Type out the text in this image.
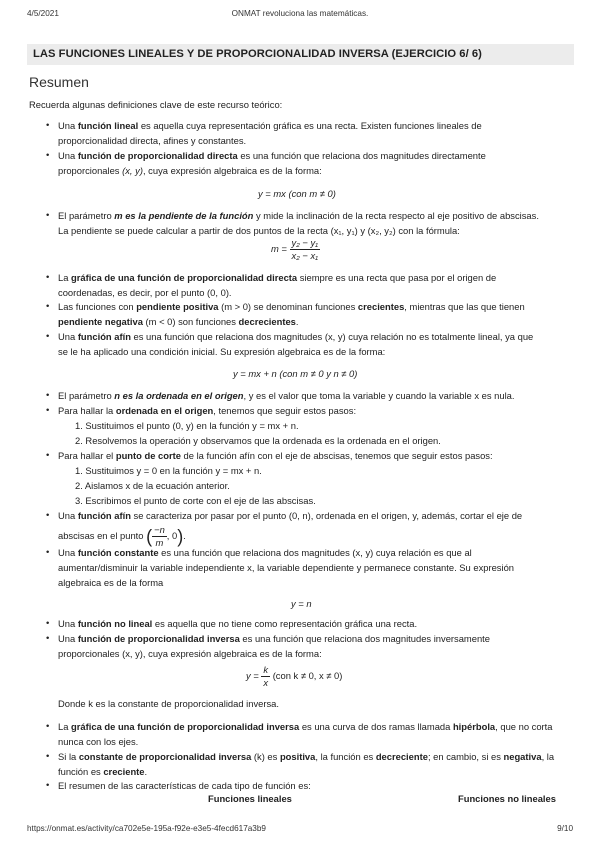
4/5/2021	ONMAT revoluciona las matemáticas.
LAS FUNCIONES LINEALES Y DE PROPORCIONALIDAD INVERSA (EJERCICIO 6/ 6)
Resumen
Recuerda algunas definiciones clave de este recurso teórico:
• Una función lineal es aquella cuya representación gráfica es una recta. Existen funciones lineales de
proporcionalidad directa, afines y constantes.
• Una función de proporcionalidad directa es una función que relaciona dos magnitudes directamente
proporcionales (x, y), cuya expresión algebraica es de la forma:
y = mx (con m ≠ 0)
• El parámetro m es la pendiente de la función y mide la inclinación de la recta respecto al eje positivo de abscisas.
La pendiente se puede calcular a partir de dos puntos de la recta (x₁, y₁) y (x₂, y₂) con la fórmula:
$m = \frac{\text{y₂ − y₁}}{\text{x₂ − x₁}}$
• La gráfica de una función de proporcionalidad directa siempre es una recta que pasa por el origen de
coordenadas, es decir, por el punto (0, 0).
• Las funciones con pendiente positiva (m > 0) se denominan funciones crecientes, mientras que las que tienen
pendiente negativa (m < 0) son funciones decrecientes.
• Una función afín es una función que relaciona dos magnitudes (x, y) cuya relación no es totalmente lineal, ya que
se le ha aplicado una condición inicial. Su expresión algebraica es de la forma:
y = mx + n (con m ≠ 0 y n ≠ 0)
• El parámetro n es la ordenada en el origen, y es el valor que toma la variable y cuando la variable x es nula.
• Para hallar la ordenada en el origen, tenemos que seguir estos pasos:
1. Sustituimos el punto (0, y) en la función y = mx + n.
2. Resolvemos la operación y observamos que la ordenada es la ordenada en el origen.
• Para hallar el punto de corte de la función afín con el eje de abscisas, tenemos que seguir estos pasos:
1. Sustituimos y = 0 en la función y = mx + n.
2. Aislamos x de la ecuación anterior.
3. Escribimos el punto de corte con el eje de las abscisas.
• Una función afín se caracteriza por pasar por el punto (0, n), ordenada en el origen, y, además, cortar el eje de
abscisas en el punto ( $\frac{-n}{m}$ , 0).
• Una función constante es una función que relaciona dos magnitudes (x, y) cuya relación es que al
aumentar/disminuir la variable independiente x, la variable dependiente y permanece constante. Su expresión
algebraica es de la forma
y = n
• Una función no lineal es aquella que no tiene como representación gráfica una recta.
• Una función de proporcionalidad inversa es una función que relaciona dos magnitudes inversamente
proporcionales (x, y), cuya expresión algebraica es de la forma:
$y = \frac{k}{x} (con$ k ≠ 0, x ≠ 0)
Donde k es la constante de proporcionalidad inversa.
• La gráfica de una función de proporcionalidad inversa es una curva de dos ramas llamada hipérbola, que no corta
nunca con los ejes.
• Si la constante de proporcionalidad inversa (k) es positiva, la función es decreciente; en cambio, si es negativa, la
función es creciente.
• El resumen de las características de cada tipo de función es:
Funciones lineales	Funciones no lineales
https://onmat.es/activity/ca702e5e-195a-f92e-e3e5-4fecd617a3b9	9/10
